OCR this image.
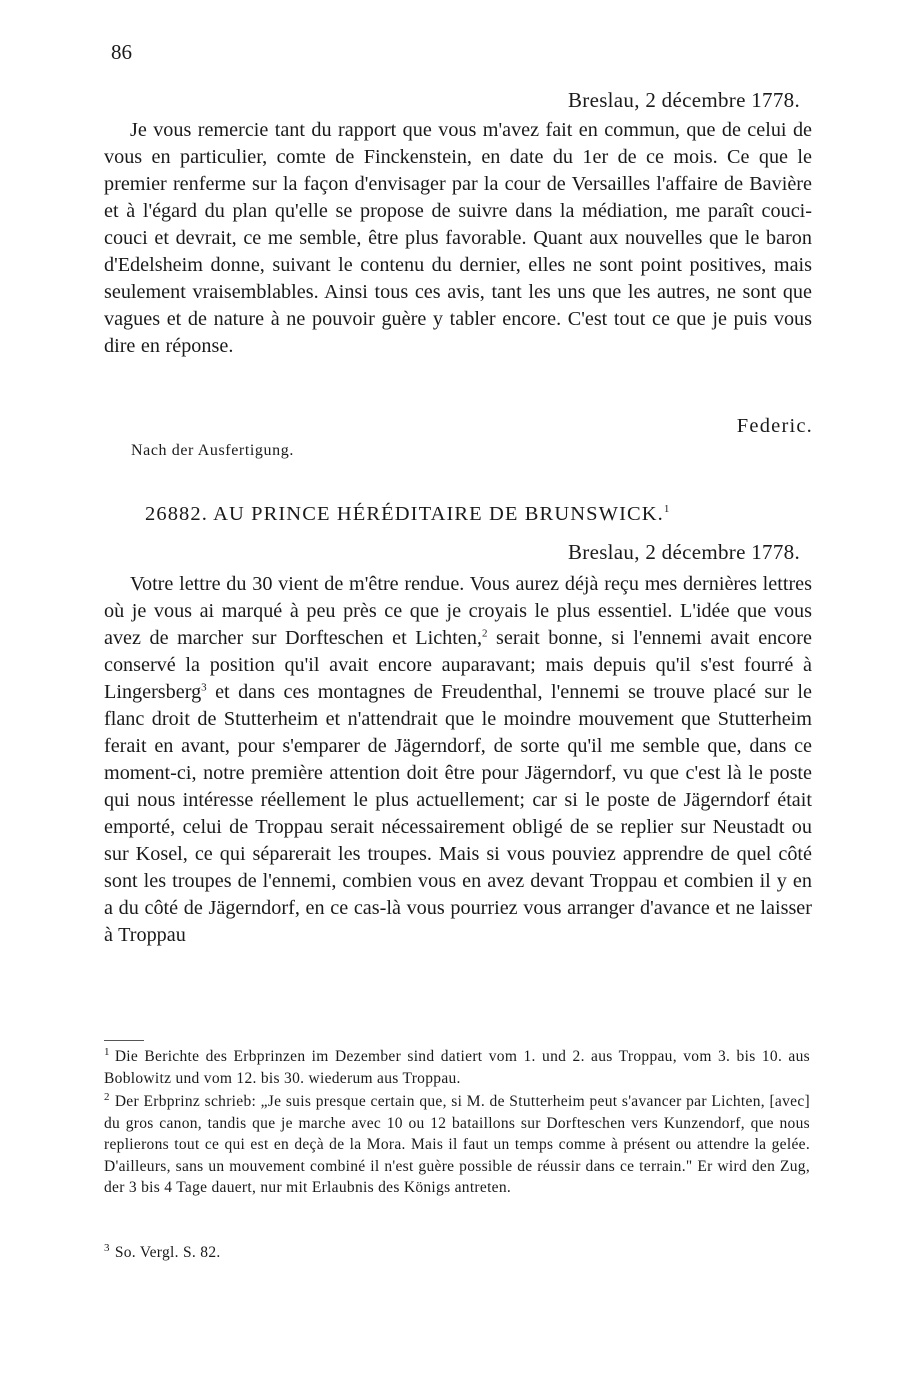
86
Breslau, 2 décembre 1778.

Je vous remercie tant du rapport que vous m'avez fait en commun, que de celui de vous en particulier, comte de Finckenstein, en date du 1er de ce mois. Ce que le premier renferme sur la façon d'envisager par la cour de Versailles l'affaire de Bavière et à l'égard du plan qu'elle se propose de suivre dans la médiation, me paraît couci-couci et devrait, ce me semble, être plus favorable. Quant aux nouvelles que le baron d'Edelsheim donne, suivant le contenu du dernier, elles ne sont point positives, mais seulement vraisemblables. Ainsi tous ces avis, tant les uns que les autres, ne sont que vagues et de nature à ne pouvoir guère y tabler encore. C'est tout ce que je puis vous dire en réponse.

Federic.
Nach der Ausfertigung.
26882. AU PRINCE HÉRÉDITAIRE DE BRUNSWICK.$^1$
Breslau, 2 décembre 1778.

Votre lettre du 30 vient de m'être rendue. Vous aurez déjà reçu mes dernières lettres où je vous ai marqué à peu près ce que je croyais le plus essentiel. L'idée que vous avez de marcher sur Dorfteschen et Lichten,$^2$ serait bonne, si l'ennemi avait encore conservé la position qu'il avait encore auparavant; mais depuis qu'il s'est fourré à Lingersberg$^3$ et dans ces montagnes de Freudenthal, l'ennemi se trouve placé sur le flanc droit de Stutterheim et n'attendrait que le moindre mouvement que Stutterheim ferait en avant, pour s'emparer de Jägerndorf, de sorte qu'il me semble que, dans ce moment-ci, notre première attention doit être pour Jägerndorf, vu que c'est là le poste qui nous intéresse réellement le plus actuellement; car si le poste de Jägerndorf était emporté, celui de Troppau serait nécessairement obligé de se replier sur Neustadt ou sur Kosel, ce qui séparerait les troupes. Mais si vous pouviez apprendre de quel côté sont les troupes de l'ennemi, combien vous en avez devant Troppau et combien il y en a du côté de Jägerndorf, en ce cas-là vous pourriez vous arranger d'avance et ne laisser à Troppau

$^1$ Die Berichte des Erbprinzen im Dezember sind datiert vom 1. und 2. aus Troppau, vom 3. bis 10. aus Boblowitz und vom 12. bis 30. wiederum aus Troppau.

$^2$ Der Erbprinz schrieb: „Je suis presque certain que, si M. de Stutterheim peut s'avancer par Lichten, [avec] du gros canon, tandis que je marche avec 10 ou 12 bataillons sur Dorfteschen vers Kunzendorf, que nous replierons tout ce qui est en deçà de la Mora. Mais il faut un temps comme à présent ou attendre la gelée. D'ailleurs, sans un mouvement combiné il n'est guère possible de réussir dans ce terrain." Er wird den Zug, der 3 bis 4 Tage dauert, nur mit Erlaubnis des Königs antreten.

$^3$ So. Vergl. S. 82.
